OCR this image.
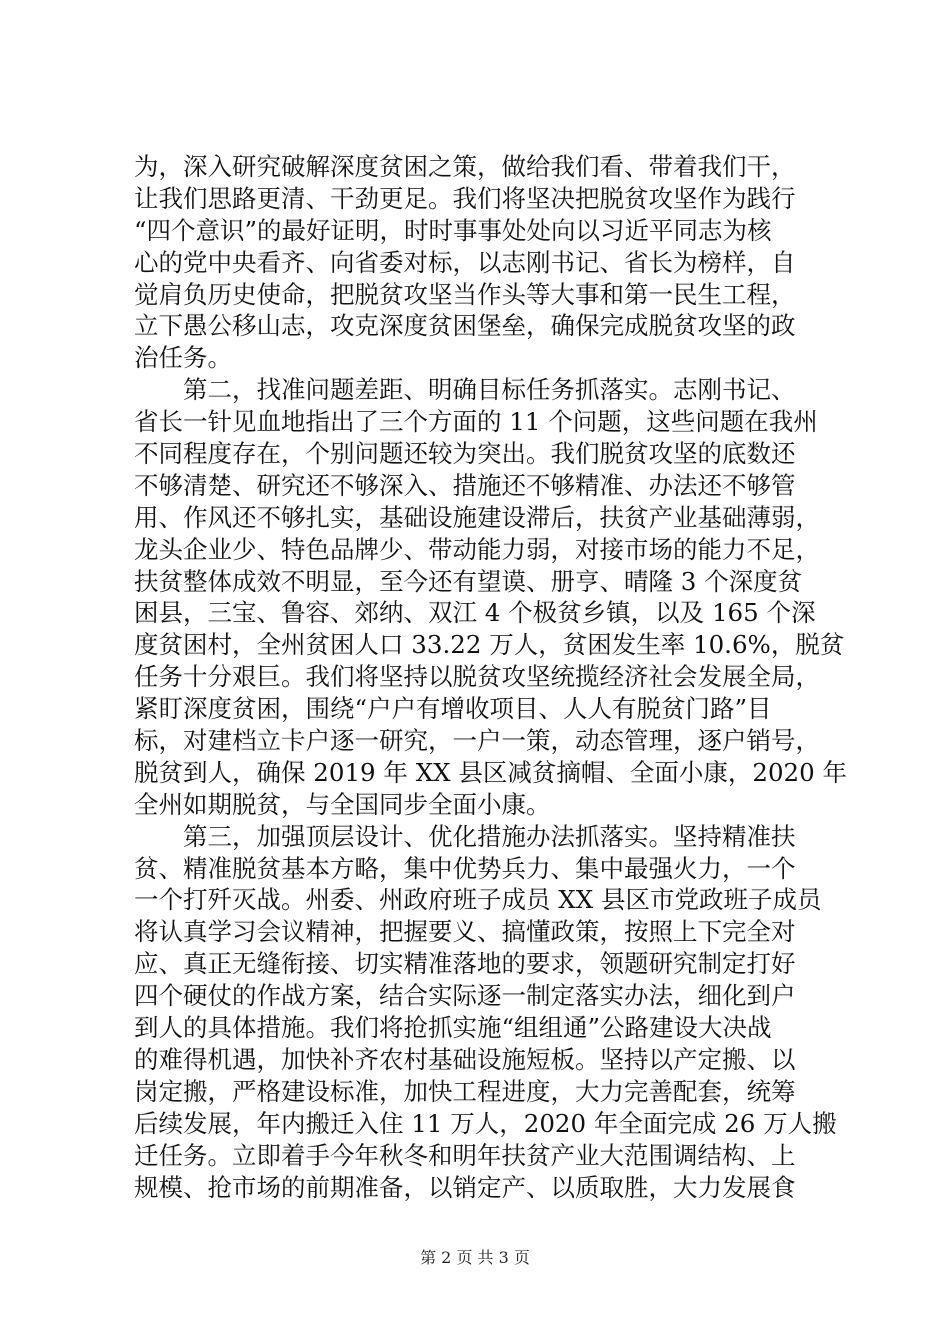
为，深入研究破解深度贫困之策，做给我们看、带着我们干，
让我们思路更清、干劲更足。我们将坚决把脱贫攻坚作为践行
“四个意识”的最好证明，时时事事处处向以习近平同志为核
心的党中央看齐、向省委对标，以志刚书记、省长为榜样，自
觉肩负历史使命，把脱贫攻坚当作头等大事和第一民生工程，
立下愚公移山志，攻克深度贫困堡垒，确保完成脱贫攻坚的政
治任务。
　　第二，找准问题差距、明确目标任务抓落实。志刚书记、
省长一针见血地指出了三个方面的 11 个问题，这些问题在我州
不同程度存在，个别问题还较为突出。我们脱贫攻坚的底数还
不够清楚、研究还不够深入、措施还不够精准、办法还不够管
用、作风还不够扎实，基础设施建设滞后，扶贫产业基础薄弱，
龙头企业少、特色品牌少、带动能力弱，对接市场的能力不足，
扶贫整体成效不明显，至今还有望谟、册亨、晴隆 3 个深度贫
困县，三宝、鲁容、郊纳、双江 4 个极贫乡镇，以及 165 个深
度贫困村，全州贫困人口 33.22 万人，贫困发生率 10.6%，脱贫
任务十分艰巨。我们将坚持以脱贫攻坚统揽经济社会发展全局，
紧盯深度贫困，围绕“户户有增收项目、人人有脱贫门路”目
标，对建档立卡户逐一研究，一户一策，动态管理，逐户销号，
脱贫到人，确保 2019 年 XX 县区减贫摘帽、全面小康，2020 年
全州如期脱贫，与全国同步全面小康。
　　第三，加强顶层设计、优化措施办法抓落实。坚持精准扶
贫、精准脱贫基本方略，集中优势兵力、集中最强火力，一个
一个打歼灭战。州委、州政府班子成员 XX 县区市党政班子成员
将认真学习会议精神，把握要义、搞懂政策，按照上下完全对
应、真正无缝衔接、切实精准落地的要求，领题研究制定打好
四个硬仗的作战方案，结合实际逐一制定落实办法，细化到户
到人的具体措施。我们将抢抓实施“组组通”公路建设大决战
的难得机遇，加快补齐农村基础设施短板。坚持以产定搬、以
岗定搬，严格建设标准，加快工程进度，大力完善配套，统筹
后续发展，年内搬迁入住 11 万人，2020 年全面完成 26 万人搬
迁任务。立即着手今年秋冬和明年扶贫产业大范围调结构、上
规模、抢市场的前期准备，以销定产、以质取胜，大力发展食
第 2 页 共 3 页
